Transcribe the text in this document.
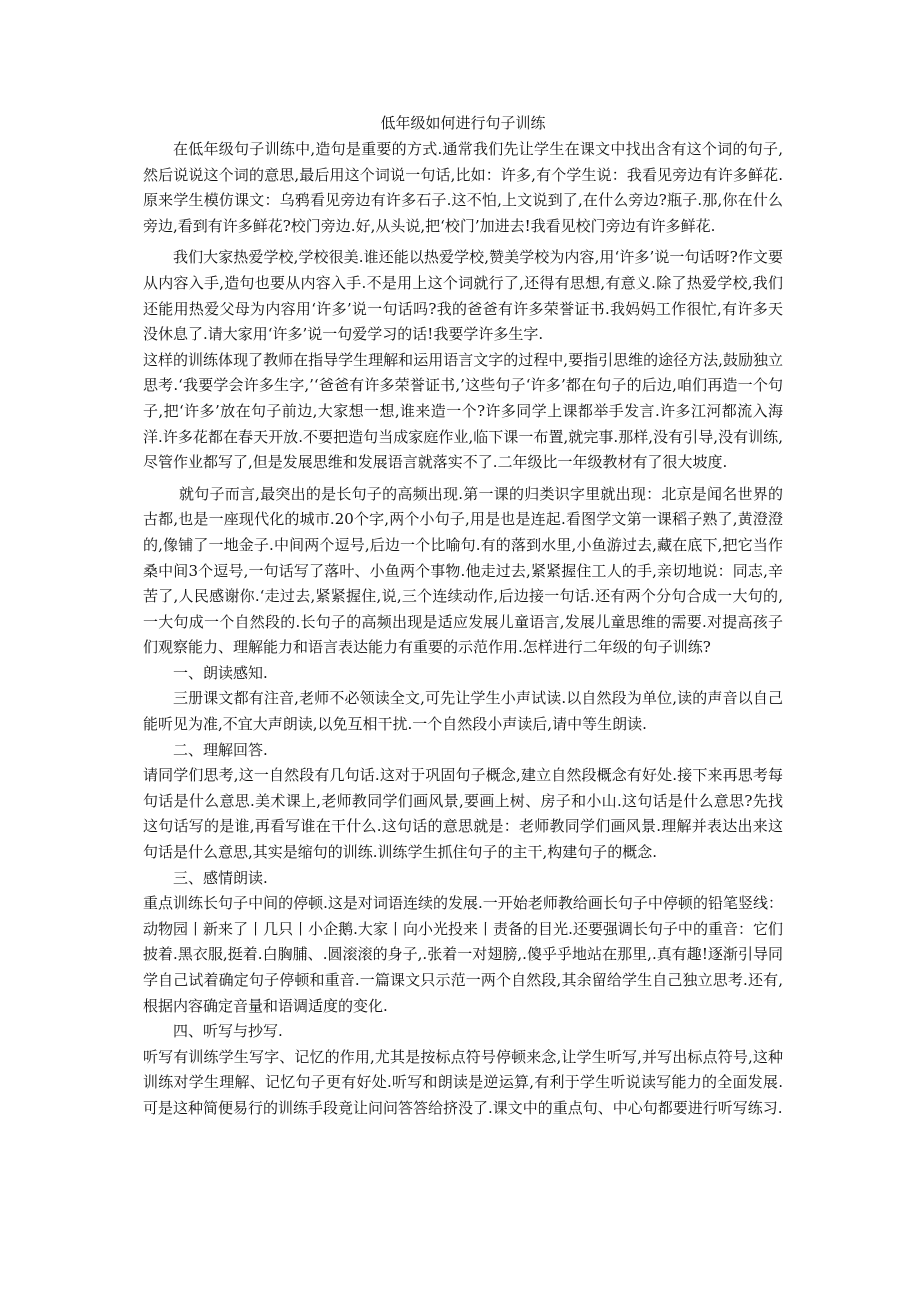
低年级如何进行句子训练

在低年级句子训练中,造句是重要的方式.通常我们先让学生在课文中找出含有这个词的句子,然后说说这个词的意思,最后用这个词说一句话,比如：许多,有个学生说：我看见旁边有许多鲜花.原来学生模仿课文：乌鸦看见旁边有许多石子.这不怕,上文说到了,在什么旁边?瓶子.那,你在什么旁边,看到有许多鲜花?校门旁边.好,从头说,把‘校门’加进去!我看见校门旁边有许多鲜花.

我们大家热爱学校,学校很美.谁还能以热爱学校,赞美学校为内容,用‘许多’说一句话呀?作文要从内容入手,造句也要从内容入手.不是用上这个词就行了,还得有思想,有意义.除了热爱学校,我们还能用热爱父母为内容用‘许多’说一句话吗?我的爸爸有许多荣誉证书.我妈妈工作很忙,有许多天没休息了.请大家用‘许多’说一句爱学习的话!我要学许多生字.

这样的训练体现了教师在指导学生理解和运用语言文字的过程中,要指引思维的途径方法,鼓励独立思考.‘我要学会许多生字,’‘爸爸有许多荣誉证书,’这些句子‘许多’都在句子的后边,咱们再造一个句子,把‘许多’放在句子前边,大家想一想,谁来造一个?许多同学上课都举手发言.许多江河都流入海洋.许多花都在春天开放.不要把造句当成家庭作业,临下课一布置,就完事.那样,没有引导,没有训练,尽管作业都写了,但是发展思维和发展语言就落实不了.二年级比一年级教材有了很大坡度.

就句子而言,最突出的是长句子的高频出现.第一课的归类识字里就出现：北京是闻名世界的古都,也是一座现代化的城市.20个字,两个小句子,用是也是连起.看图学文第一课稻子熟了,黄澄澄的,像铺了一地金子.中间两个逗号,后边一个比喻句.有的落到水里,小鱼游过去,藏在底下,把它当作桑中间3个逗号,一句话写了落叶、小鱼两个事物.他走过去,紧紧握住工人的手,亲切地说：同志,辛苦了,人民感谢你.‘走过去,紧紧握住,说,三个连续动作,后边接一句话.还有两个分句合成一大句的,一大句成一个自然段的.长句子的高频出现是适应发展儿童语言,发展儿童思维的需要.对提高孩子们观察能力、理解能力和语言表达能力有重要的示范作用.怎样进行二年级的句子训练?

一、朗读感知.

三册课文都有注音,老师不必领读全文,可先让学生小声试读.以自然段为单位,读的声音以自己能听见为准,不宜大声朗读,以免互相干扰.一个自然段小声读后,请中等生朗读.

二、理解回答.

请同学们思考,这一自然段有几句话.这对于巩固句子概念,建立自然段概念有好处.接下来再思考每句话是什么意思.美术课上,老师教同学们画风景,要画上树、房子和小山.这句话是什么意思?先找这句话写的是谁,再看写谁在干什么.这句话的意思就是：老师教同学们画风景.理解并表达出来这句话是什么意思,其实是缩句的训练.训练学生抓住句子的主干,构建句子的概念.

三、感情朗读.

重点训练长句子中间的停顿.这是对词语连续的发展.一开始老师教给画长句子中停顿的铅笔竖线：动物园丨新来了丨几只丨小企鹅.大家丨向小光投来丨责备的目光.还要强调长句子中的重音：它们披着.黑衣服,挺着.白胸脯、.圆滚滚的身子,.张着一对翅膀,.傻乎乎地站在那里,.真有趣!逐渐引导同学自己试着确定句子停顿和重音.一篇课文只示范一两个自然段,其余留给学生自己独立思考.还有,根据内容确定音量和语调适度的变化.

四、听写与抄写.

听写有训练学生写字、记忆的作用,尤其是按标点符号停顿来念,让学生听写,并写出标点符号,这种训练对学生理解、记忆句子更有好处.听写和朗读是逆运算,有利于学生听说读写能力的全面发展.可是这种简便易行的训练手段竟让问问答答给挤没了.课文中的重点句、中心句都要进行听写练习.
